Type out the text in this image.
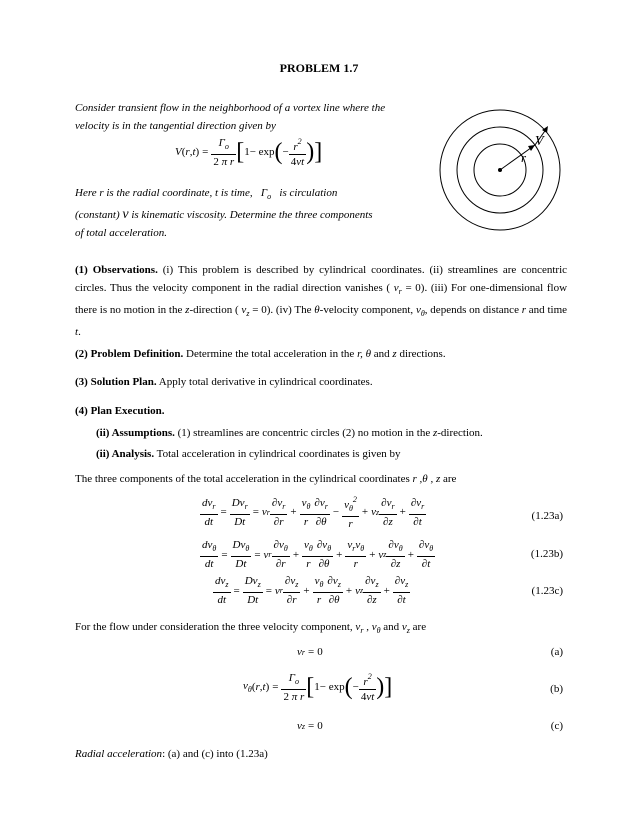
PROBLEM 1.7
r
V
Consider transient flow in the neighborhood of a vortex line where the
velocity is in the tangential direction given by
V ( r , t ) = $\frac{\Gamma_o}{\text{2 π r}}$ [ 1− exp ( − $\frac{r^2}{4\nu t}$ ) ]
Here r is the radial coordinate, t is time,   $\Gamma_o$ is circulation
(constant) ν is kinematic viscosity. Determine the three components
of total acceleration.
(1) Observations. (i) This problem is described by cylindrical coordinates. (ii) streamlines are concentric circles. Thus the velocity component in the radial direction vanishes ( $v_r = 0$). (iii) For one-dimensional flow there is no motion in the z-direction ( $v_z = 0$). (iv) The θ-velocity component, $v_\theta$, depends on distance r and time t.
(2) Problem Definition. Determine the total acceleration in the r, θ and z directions.
(3) Solution Plan. Apply total derivative in cylindrical coordinates.
(4) Plan Execution.
(ii) Assumptions. (1) streamlines are concentric circles (2) no motion in the z-direction.
(ii) Analysis. Total acceleration in cylindrical coordinates is given by
The three components of the total acceleration in the cylindrical coordinates r ,θ , z are
$\frac{dv_r}{dt} = \frac{Dv_r}{Dt} = v$ r $\frac{\partial v_r}{\partial r} + \frac{v_\theta}{r} \frac{\partial v_r}{\partial\theta} - \frac{v_\theta^2}{r} + v$ z $\frac{\partial v_r}{\partial z} + \frac{\partial v_r}{\partial t}$	(1.23a)
$\frac{dv_\theta}{dt} = \frac{Dv_\theta}{Dt} = v$ r $\frac{\partial v_\theta}{\partial r} + \frac{v_\theta}{r} \frac{\partial v_\theta}{\partial\theta} + \frac{v_rv_\theta}{r} + v$ z $\frac{\partial v_\theta}{\partial z} + \frac{\partial v_\theta}{\partial t}$	(1.23b)
$\frac{dv_z}{dt} = \frac{Dv_z}{Dt} = v$ r $\frac{\partial v_z}{\partial r} + \frac{v_\theta}{r} \frac{\partial v_z}{\partial\theta} + v$ z $\frac{\partial v_z}{\partial z} + \frac{\partial v_z}{\partial t}$	(1.23c)
For the flow under consideration the three velocity component, $v_r$ , $v_\theta$ and $v_z$ are
v r = 0	(a)
$v_\theta$ ( r , t ) = $\frac{\Gamma_o}{\text{2 π r}}$ [ 1− exp ( − $\frac{r^2}{4\nu t}$ ) ]	(b)
v z = 0	(c)
Radial acceleration: (a) and (c) into (1.23a)
